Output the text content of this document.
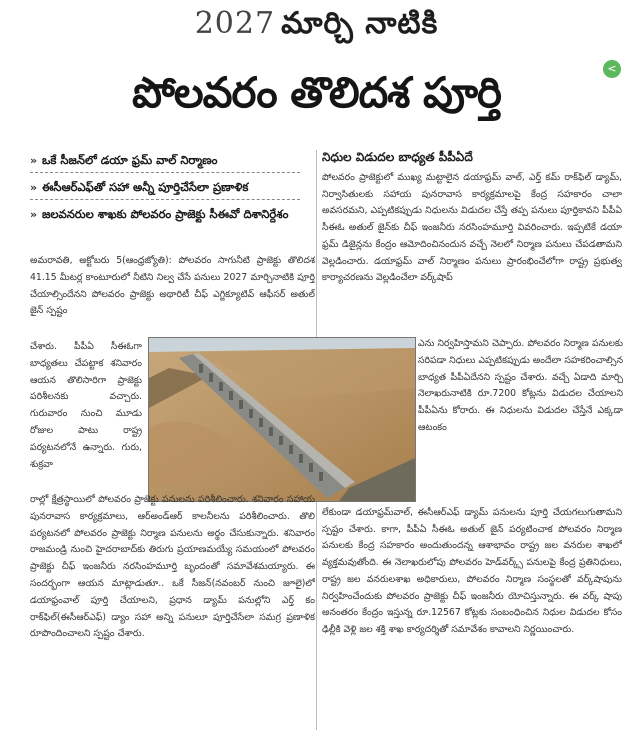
2027 మార్చి నాటికి
పోలవరం తొలిదశ పూర్తి	<
» ఒకే సీజన్‌లో డయా ఫ్రమ్ వాల్ నిర్మాణం
» ఈసీఆర్‌ఎఫ్‌తో సహా అన్నీ పూర్తిచేసేలా ప్రణాళిక
» జలవనరుల శాఖకు పోలవరం ప్రాజెక్టు సీఈవో దిశానిర్దేశం
నిధుల విడుదల బాధ్యత పీపీఏదే
అమరావతి, అక్టోబరు 5(ఆంధ్రజ్యోతి): పోలవరం సాగునీటి ప్రాజెక్టు తొలిదశ 41.15 మీటర్ల కాంటూరులో నీటిని నిల్వ చేసే పనులు 2027 మార్చినాటికి పూర్తి చేయాల్సిందేనని పోలవరం ప్రాజెక్టు అథారిటీ చీఫ్ ఎగ్జిక్యూటివ్ ఆఫీసర్ అతుల్ జైన్ స్పష్టం
చేశారు. పీపీఏ సీఈఓగా బాధ్యతలు చేపట్టాక శనివారం ఆయన తొలిసారిగా ప్రాజెక్టు పరిశీలనకు వచ్చారు. గురువారం నుంచి మూడు రోజుల పాటు రాష్ట్ర పర్యటనలోనే ఉన్నారు. గురు, శుక్రవా
పోలవరం ప్రాజెక్టులో ముఖ్య మట్టాలైన డయాఫ్రమ్ వాల్, ఎర్త్ కమ్ రాక్‌ఫిల్ డ్యామ్, నిర్వాసితులకు సహాయ పునరావాస కార్యక్రమాలపై కేంద్ర సహకారం చాలా అవసరమని, ఎప్పటికప్పుడు నిధులను విడుదల చేస్తే తప్ప పనులు పూర్తికావని పీపీఏ సీఈఓ అతుల్ జైన్‌కు చీఫ్ ఇంజనీరు నరసింహమూర్తి వివరించారు. ఇప్పటికే డయా ఫ్రమ్ డిజైన్లను కేంద్రం ఆమోదించినందున వచ్చే నెలలో నిర్మాణ పనులు చేపడతామని వెల్లడించారు. డయాఫ్రమ్ వాల్ నిర్మాణం పనులు ప్రారంభించేలోగా రాష్ట్ర ప్రభుత్వ కార్యాచరణను వెల్లడించేలా వర్క్‌షాప్
ఎను నిర్వహిస్తామని చెప్పారు. పోలవరం నిర్మాణ పనులకు సరిపడా నిధులు ఎప్పటికప్పుడు అందేలా సహకరించాల్సిన బాధ్యత పీపీఏదేనని స్పష్టం చేశారు. వచ్చే ఏడాది మార్చి నెలాఖరునాటికి రూ.7200 కోట్లను విడుదల చేయాలని పీపీఏను కోరారు. ఈ నిధులను విడుదల చేస్తేనే ఎక్కడా ఆటంకం
రాల్లో క్షేత్రస్థాయిలో పోలవరం ప్రాజెక్టు పనులను పరిశీలించారు. శనివారం సహాయ పునరావాస కార్యక్రమాలు, ఆర్‌అండ్‌ఆర్ కాలనీలను పరిశీలించారు. తొలి పర్యటనలో పోలవరం ప్రాజెక్టు నిర్మాణ పనులను అర్థం చేసుకున్నారు. శనివారం రాజమండ్రి నుంచి హైదరాబాద్‌కు తిరుగు ప్రయాణమయ్యే సమయంలో పోలవరం ప్రాజెక్టు చీఫ్ ఇంజనీరు నరసింహమూర్తి బృందంతో సమావేశమయ్యారు. ఈ సందర్భంగా ఆయన మాట్లాడుతూ.. ఒకే సీజన్(నవంబర్ నుంచి జూలై)లో డయాఫ్రంవాల్ పూర్తి చేయాలని, ప్రధాన డ్యామ్ పనుల్లోని ఎర్త్ కం రాక్‌ఫిల్(ఈసీఆర్‌ఎఫ్) డ్యాం సహా అన్ని పనులూ పూర్తిచేసేలా సమగ్ర ప్రణాళిక రూపొందించాలని స్పష్టం చేశారు.
లేకుండా డయాఫ్రమ్‌వాల్, ఈసీఆర్‌ఎఫ్ డ్యామ్ పనులను పూర్తి చేయగలుగుతామని స్పష్టం చేశారు. కాగా, పీపీఏ సీఈఓ అతుల్ జైన్ పర్యటించాక పోలవరం నిర్మాణ పనులకు కేంద్ర సహకారం అందుతుందన్న ఆశాభావం రాష్ట్ర జల వనరుల శాఖలో వ్యక్తమవుతోంది. ఈ నెలాఖరులోపు పోలవరం హెడ్‌వర్క్స్ పనులపై కేంద్ర ప్రతినిధులు, రాష్ట్ర జల వనరులశాఖ అధికారులు, పోలవరం నిర్మాణ సంస్థలతో వర్క్‌షాపును నిర్వహించేందుకు పోలవరం ప్రాజెక్టు చీఫ్ ఇంజనీరు యోచిస్తున్నారు. ఈ వర్క్ షాపు అనంతరం కేంద్రం ఇస్తున్న రూ.12567 కోట్లకు సంబంధించిన నిధుల విడుదల కోసం ఢిల్లీకి వెళ్లి జల శక్తి శాఖ కార్యదర్శితో సమావేశం కావాలని నిర్ణయించారు.
